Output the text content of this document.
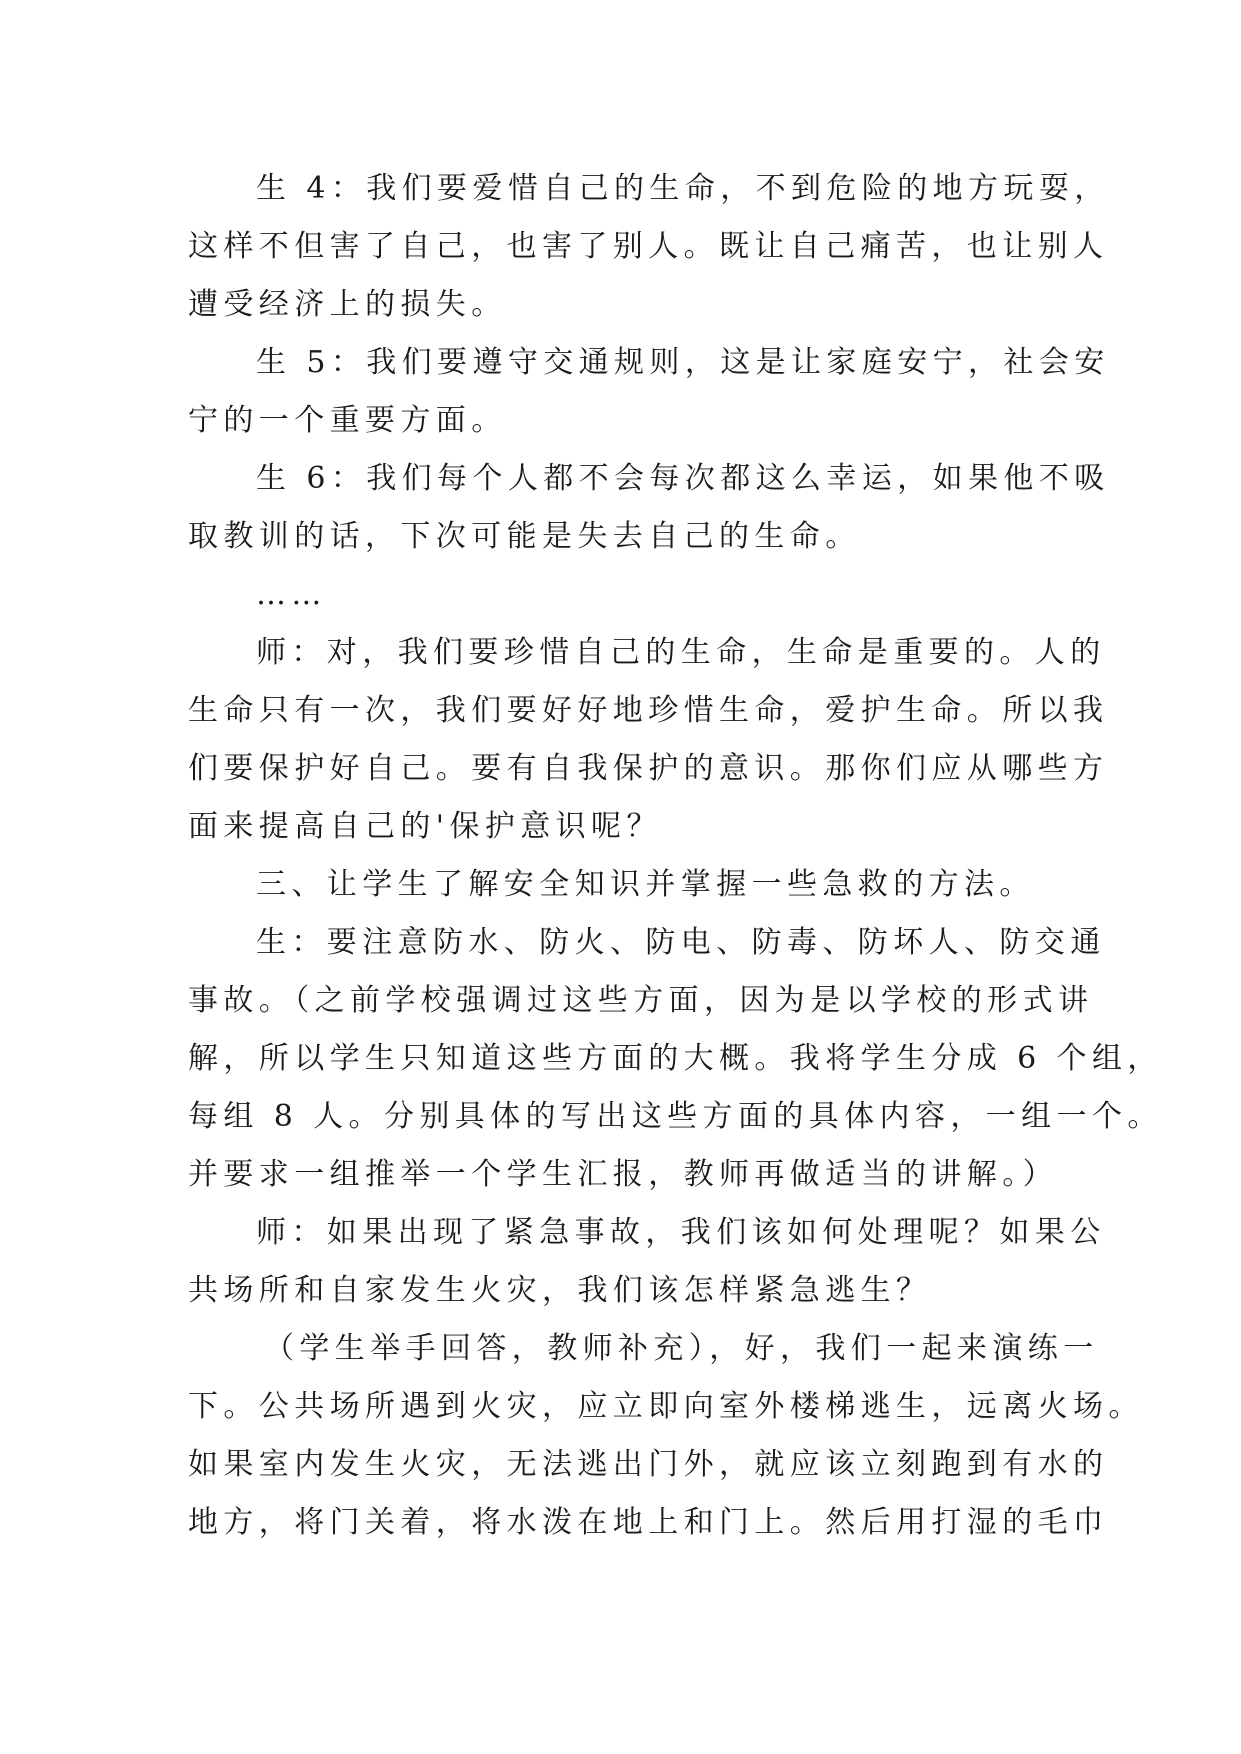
生 4：我们要爱惜自己的生命，不到危险的地方玩耍，
这样不但害了自己，也害了别人。既让自己痛苦，也让别人
遭受经济上的损失。
生 5：我们要遵守交通规则，这是让家庭安宁，社会安
宁的一个重要方面。
生 6：我们每个人都不会每次都这么幸运，如果他不吸
取教训的话，下次可能是失去自己的生命。
……
师：对，我们要珍惜自己的生命，生命是重要的。人的
生命只有一次，我们要好好地珍惜生命，爱护生命。所以我
们要保护好自己。要有自我保护的意识。那你们应从哪些方
面来提高自己的'保护意识呢？
三、让学生了解安全知识并掌握一些急救的方法。
生：要注意防水、防火、防电、防毒、防坏人、防交通
事故。（之前学校强调过这些方面，因为是以学校的形式讲
解，所以学生只知道这些方面的大概。我将学生分成 6 个组，
每组 8 人。分别具体的写出这些方面的具体内容，一组一个。
并要求一组推举一个学生汇报，教师再做适当的讲解。）
师：如果出现了紧急事故，我们该如何处理呢？如果公
共场所和自家发生火灾，我们该怎样紧急逃生？
（学生举手回答，教师补充），好，我们一起来演练一
下。公共场所遇到火灾，应立即向室外楼梯逃生，远离火场。
如果室内发生火灾，无法逃出门外，就应该立刻跑到有水的
地方，将门关着，将水泼在地上和门上。然后用打湿的毛巾
